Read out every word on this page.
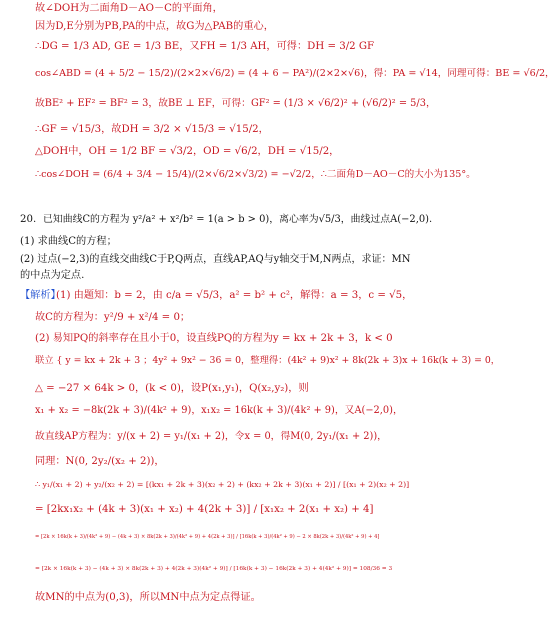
故∠DOH为二面角D－AO－C的平面角，
因为D,E分别为PB,PA的中点，故G为△PAB的重心，
∴DG = 1/3 AD, GE = 1/3 BE，又FH = 1/3 AH，可得：DH = 3/2 GF
cos∠ABD = (4 + 5/2 − 15/2)/(2×2×√6/2) = (4 + 6 − PA²)/(2×2×√6)，得：PA = √14，同理可得：BE = √6/2，
故BE² + EF² = BF² = 3，故BE ⊥ EF，可得：GF² = (1/3 × √6/2)² + (√6/2)² = 5/3，
∴GF = √15/3，故DH = 3/2 × √15/3 = √15/2，
△DOH中，OH = 1/2 BF = √3/2，OD = √6/2，DH = √15/2，
∴cos∠DOH = (6/4 + 3/4 − 15/4)/(2×√6/2×√3/2) = −√2/2，∴二面角D－AO－C的大小为135°。
20. 已知曲线C的方程为 y²/a² + x²/b² = 1(a > b > 0)，离心率为√5/3，曲线过点A(−2,0).
(1) 求曲线C的方程；
(2) 过点(−2,3)的直线交曲线C于P,Q两点，直线AP,AQ与y轴交于M,N两点，求证：MN
的中点为定点.
【解析】
(1) 由题知：b = 2，由 c/a = √5/3，a² = b² + c²，解得：a = 3，c = √5，
故C的方程为：y²/9 + x²/4 = 0；
(2) 易知PQ的斜率存在且小于0，设直线PQ的方程为y = kx + 2k + 3，k < 0
联立 { y = kx + 2k + 3 ；4y² + 9x² − 36 = 0，整理得：(4k² + 9)x² + 8k(2k + 3)x + 16k(k + 3) = 0，
△ = −27 × 64k > 0，(k < 0)，设P(x₁,y₁)，Q(x₂,y₂)，则
x₁ + x₂ = −8k(2k + 3)/(4k² + 9)，x₁x₂ = 16k(k + 3)/(4k² + 9)，又A(−2,0)，
故直线AP方程为：y/(x + 2) = y₁/(x₁ + 2)，令x = 0，得M(0, 2y₁/(x₁ + 2))，
同理：N(0, 2y₂/(x₂ + 2))，
∴ y₁/(x₁ + 2) + y₂/(x₂ + 2) = [(kx₁ + 2k + 3)(x₂ + 2) + (kx₂ + 2k + 3)(x₁ + 2)] / [(x₁ + 2)(x₂ + 2)]
= [2kx₁x₂ + (4k + 3)(x₁ + x₂) + 4(2k + 3)] / [x₁x₂ + 2(x₁ + x₂) + 4]
= [2k × 16k(k + 3)/(4k² + 9) − (4k + 3) × 8k(2k + 3)/(4k² + 9) + 4(2k + 3)] / [16k(k + 3)/(4k² + 9) − 2 × 8k(2k + 3)/(4k² + 9) + 4]
= [2k × 16k(k + 3) − (4k + 3) × 8k(2k + 3) + 4(2k + 3)(4k² + 9)] / [16k(k + 3) − 16k(2k + 3) + 4(4k² + 9)] = 108/36 = 3
故MN的中点为(0,3)，所以MN中点为定点得证。
